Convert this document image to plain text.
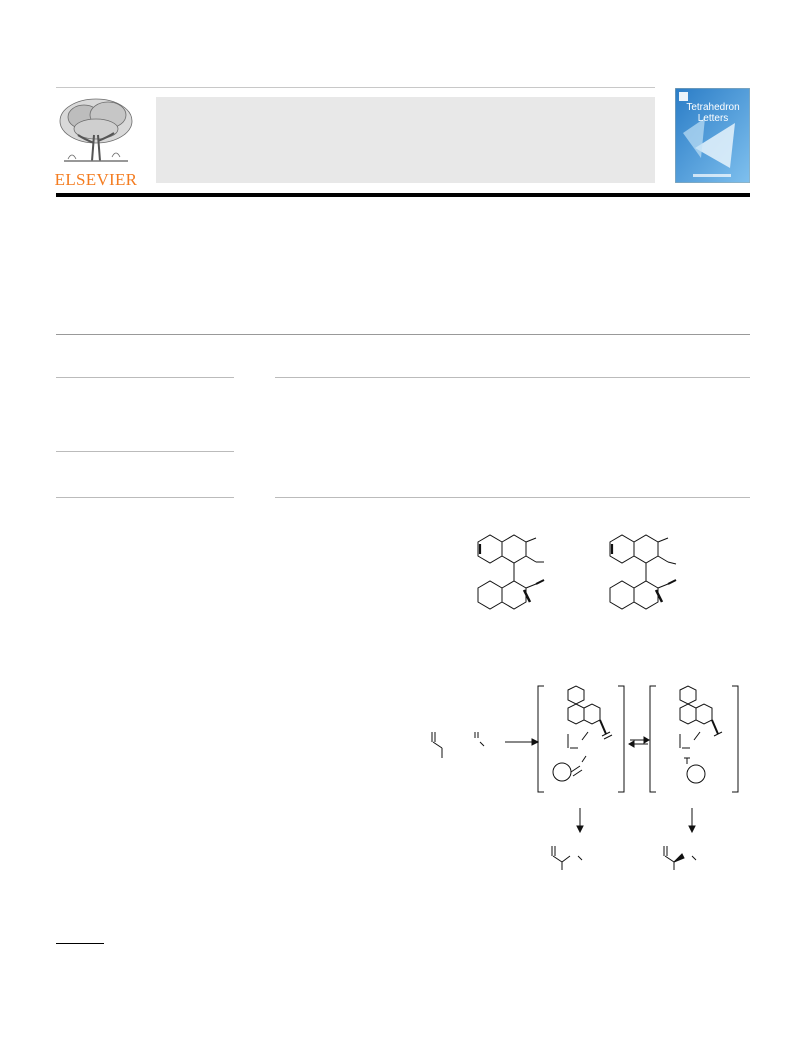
ELSEVIER
Tetrahedron Letters
